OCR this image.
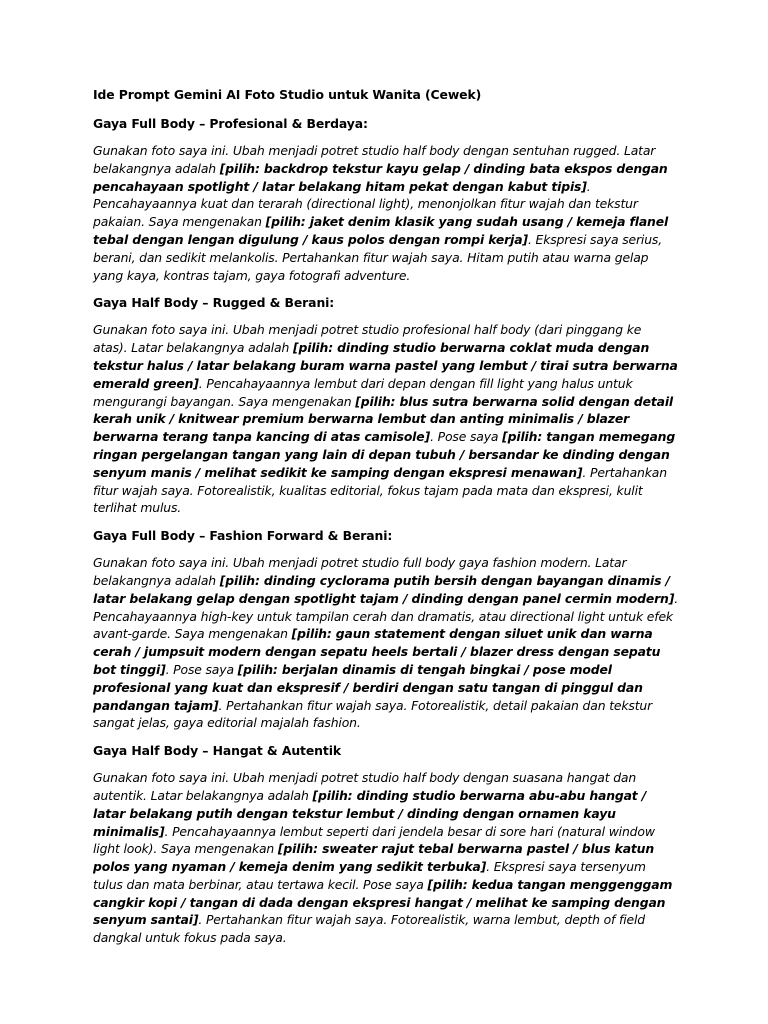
Ide Prompt Gemini AI Foto Studio untuk Wanita (Cewek)
Gaya Full Body – Profesional & Berdaya:

Gunakan foto saya ini. Ubah menjadi potret studio half body dengan sentuhan rugged. Latar belakangnya adalah [pilih: backdrop tekstur kayu gelap / dinding bata ekspos dengan pencahayaan spotlight / latar belakang hitam pekat dengan kabut tipis]. Pencahayaannya kuat dan terarah (directional light), menonjolkan fitur wajah dan tekstur pakaian. Saya mengenakan [pilih: jaket denim klasik yang sudah usang / kemeja flanel tebal dengan lengan digulung / kaus polos dengan rompi kerja]. Ekspresi saya serius, berani, dan sedikit melankolis. Pertahankan fitur wajah saya. Hitam putih atau warna gelap yang kaya, kontras tajam, gaya fotografi adventure.

Gaya Half Body – Rugged & Berani:

Gunakan foto saya ini. Ubah menjadi potret studio profesional half body (dari pinggang ke atas). Latar belakangnya adalah [pilih: dinding studio berwarna coklat muda dengan tekstur halus / latar belakang buram warna pastel yang lembut / tirai sutra berwarna emerald green]. Pencahayaannya lembut dari depan dengan fill light yang halus untuk mengurangi bayangan. Saya mengenakan [pilih: blus sutra berwarna solid dengan detail kerah unik / knitwear premium berwarna lembut dan anting minimalis / blazer berwarna terang tanpa kancing di atas camisole]. Pose saya [pilih: tangan memegang ringan pergelangan tangan yang lain di depan tubuh / bersandar ke dinding dengan senyum manis / melihat sedikit ke samping dengan ekspresi menawan]. Pertahankan fitur wajah saya. Fotorealistik, kualitas editorial, fokus tajam pada mata dan ekspresi, kulit terlihat mulus.

Gaya Full Body – Fashion Forward & Berani:

Gunakan foto saya ini. Ubah menjadi potret studio full body gaya fashion modern. Latar belakangnya adalah [pilih: dinding cyclorama putih bersih dengan bayangan dinamis / latar belakang gelap dengan spotlight tajam / dinding dengan panel cermin modern]. Pencahayaannya high-key untuk tampilan cerah dan dramatis, atau directional light untuk efek avant-garde. Saya mengenakan [pilih: gaun statement dengan siluet unik dan warna cerah / jumpsuit modern dengan sepatu heels bertali / blazer dress dengan sepatu bot tinggi]. Pose saya [pilih: berjalan dinamis di tengah bingkai / pose model profesional yang kuat dan ekspresif / berdiri dengan satu tangan di pinggul dan pandangan tajam]. Pertahankan fitur wajah saya. Fotorealistik, detail pakaian dan tekstur sangat jelas, gaya editorial majalah fashion.

Gaya Half Body – Hangat & Autentik

Gunakan foto saya ini. Ubah menjadi potret studio half body dengan suasana hangat dan autentik. Latar belakangnya adalah [pilih: dinding studio berwarna abu-abu hangat / latar belakang putih dengan tekstur lembut / dinding dengan ornamen kayu minimalis]. Pencahayaannya lembut seperti dari jendela besar di sore hari (natural window light look). Saya mengenakan [pilih: sweater rajut tebal berwarna pastel / blus katun polos yang nyaman / kemeja denim yang sedikit terbuka]. Ekspresi saya tersenyum tulus dan mata berbinar, atau tertawa kecil. Pose saya [pilih: kedua tangan menggenggam cangkir kopi / tangan di dada dengan ekspresi hangat / melihat ke samping dengan senyum santai]. Pertahankan fitur wajah saya. Fotorealistik, warna lembut, depth of field dangkal untuk fokus pada saya.
